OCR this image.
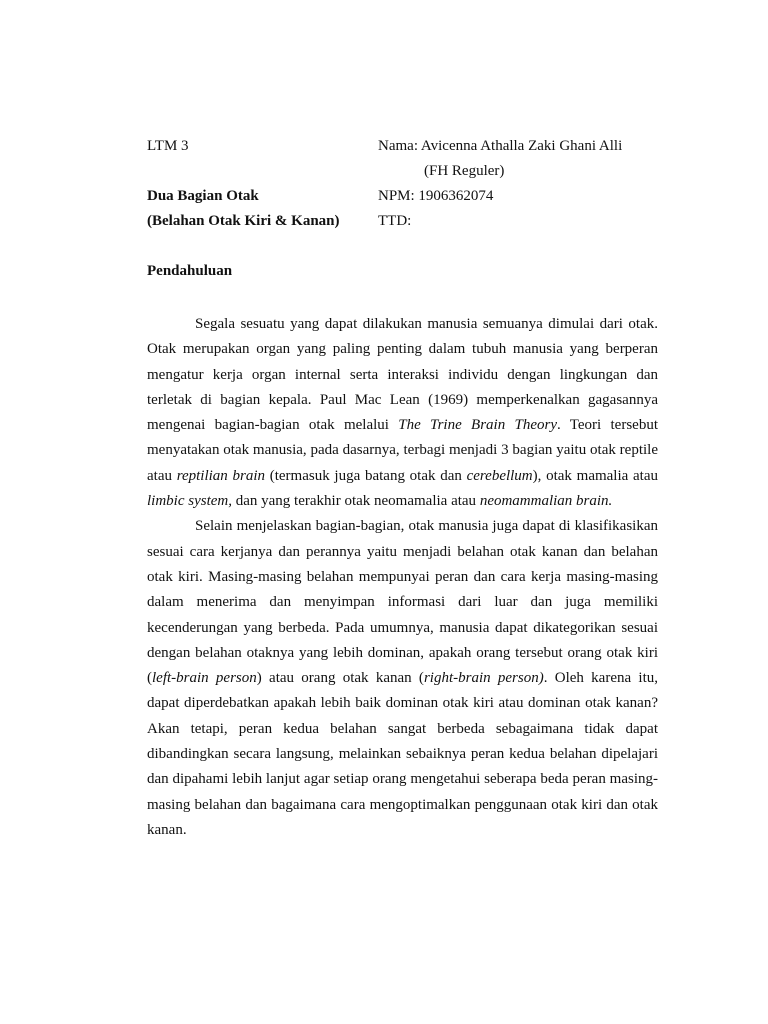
LTM 3	Nama: Avicenna Athalla Zaki Ghani Alli
(FH Reguler)
Dua Bagian Otak	NPM: 1906362074
(Belahan Otak Kiri & Kanan)	TTD:
Pendahuluan

Segala sesuatu yang dapat dilakukan manusia semuanya dimulai dari otak. Otak merupakan organ yang paling penting dalam tubuh manusia yang berperan mengatur kerja organ internal serta interaksi individu dengan lingkungan dan terletak di bagian kepala. Paul Mac Lean (1969) memperkenalkan gagasannya mengenai bagian-bagian otak melalui The Trine Brain Theory. Teori tersebut menyatakan otak manusia, pada dasarnya, terbagi menjadi 3 bagian yaitu otak reptile atau reptilian brain (termasuk juga batang otak dan cerebellum), otak mamalia atau limbic system, dan yang terakhir otak neomamalia atau neomammalian brain.

Selain menjelaskan bagian-bagian, otak manusia juga dapat di klasifikasikan sesuai cara kerjanya dan perannya yaitu menjadi belahan otak kanan dan belahan otak kiri. Masing-masing belahan mempunyai peran dan cara kerja masing-masing dalam menerima dan menyimpan informasi dari luar dan juga memiliki kecenderungan yang berbeda. Pada umumnya, manusia dapat dikategorikan sesuai dengan belahan otaknya yang lebih dominan, apakah orang tersebut orang otak kiri (left-brain person) atau orang otak kanan (right-brain person). Oleh karena itu, dapat diperdebatkan apakah lebih baik dominan otak kiri atau dominan otak kanan? Akan tetapi, peran kedua belahan sangat berbeda sebagaimana tidak dapat dibandingkan secara langsung, melainkan sebaiknya peran kedua belahan dipelajari dan dipahami lebih lanjut agar setiap orang mengetahui seberapa beda peran masing-masing belahan dan bagaimana cara mengoptimalkan penggunaan otak kiri dan otak kanan.
